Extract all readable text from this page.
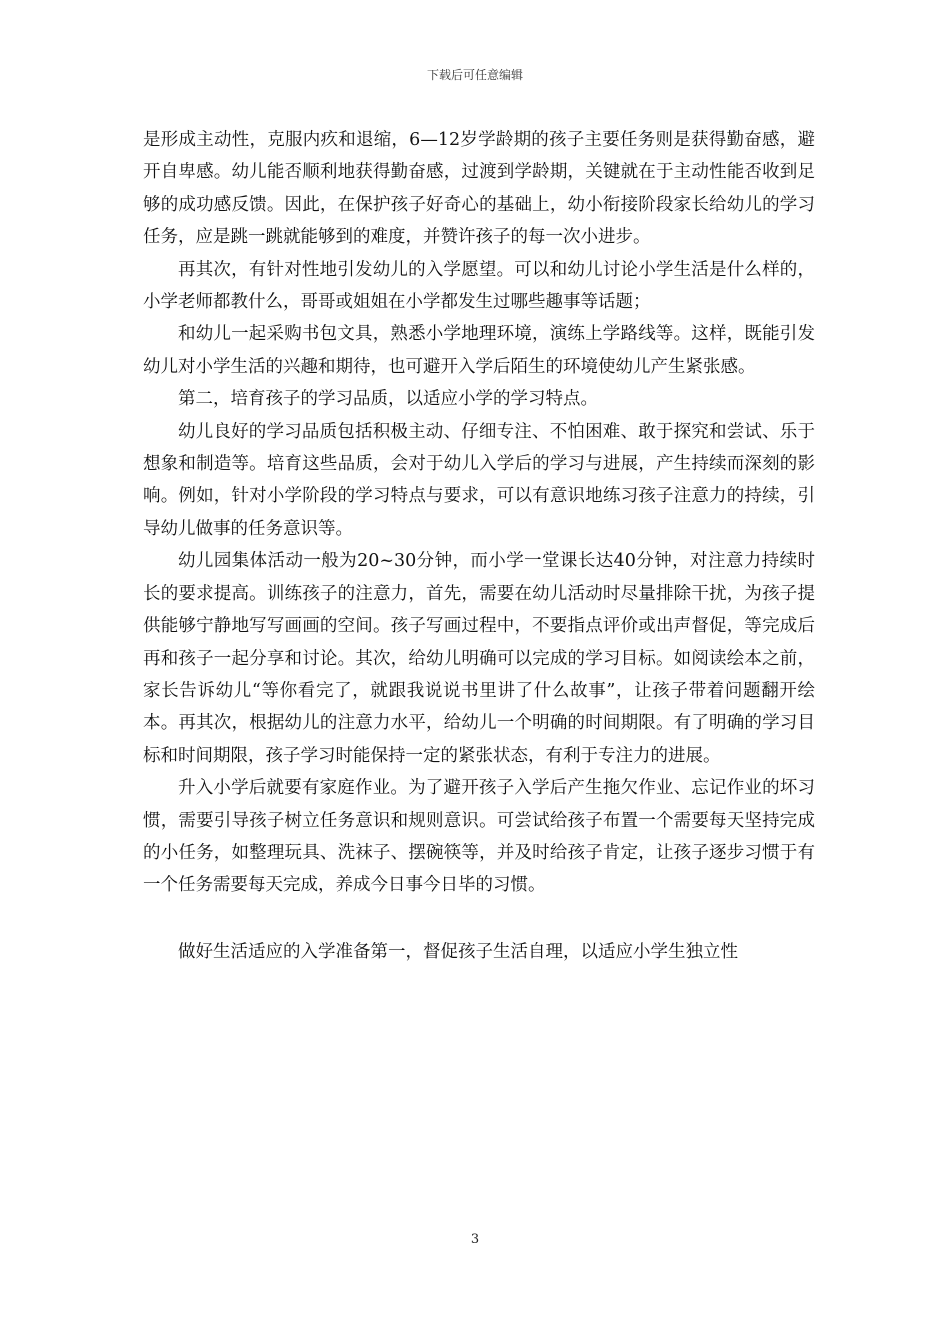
下载后可任意编辑

是形成主动性，克服内疚和退缩，6—12岁学龄期的孩子主要任务则是获得勤奋感，避开自卑感。幼儿能否顺利地获得勤奋感，过渡到学龄期，关键就在于主动性能否收到足够的成功感反馈。因此，在保护孩子好奇心的基础上，幼小衔接阶段家长给幼儿的学习任务，应是跳一跳就能够到的难度，并赞许孩子的每一次小进步。

再其次，有针对性地引发幼儿的入学愿望。可以和幼儿讨论小学生活是什么样的，小学老师都教什么，哥哥或姐姐在小学都发生过哪些趣事等话题；

和幼儿一起采购书包文具，熟悉小学地理环境，演练上学路线等。这样，既能引发幼儿对小学生活的兴趣和期待，也可避开入学后陌生的环境使幼儿产生紧张感。

第二，培育孩子的学习品质，以适应小学的学习特点。

幼儿良好的学习品质包括积极主动、仔细专注、不怕困难、敢于探究和尝试、乐于想象和制造等。培育这些品质，会对于幼儿入学后的学习与进展，产生持续而深刻的影响。例如，针对小学阶段的学习特点与要求，可以有意识地练习孩子注意力的持续，引导幼儿做事的任务意识等。

幼儿园集体活动一般为20~30分钟，而小学一堂课长达40分钟，对注意力持续时长的要求提高。训练孩子的注意力，首先，需要在幼儿活动时尽量排除干扰，为孩子提供能够宁静地写写画画的空间。孩子写画过程中，不要指点评价或出声督促，等完成后再和孩子一起分享和讨论。其次，给幼儿明确可以完成的学习目标。如阅读绘本之前，家长告诉幼儿“等你看完了，就跟我说说书里讲了什么故事”，让孩子带着问题翻开绘本。再其次，根据幼儿的注意力水平，给幼儿一个明确的时间期限。有了明确的学习目标和时间期限，孩子学习时能保持一定的紧张状态，有利于专注力的进展。

升入小学后就要有家庭作业。为了避开孩子入学后产生拖欠作业、忘记作业的坏习惯，需要引导孩子树立任务意识和规则意识。可尝试给孩子布置一个需要每天坚持完成的小任务，如整理玩具、洗袜子、摆碗筷等，并及时给孩子肯定，让孩子逐步习惯于有一个任务需要每天完成，养成今日事今日毕的习惯。

做好生活适应的入学准备第一，督促孩子生活自理，以适应小学生独立性

3
